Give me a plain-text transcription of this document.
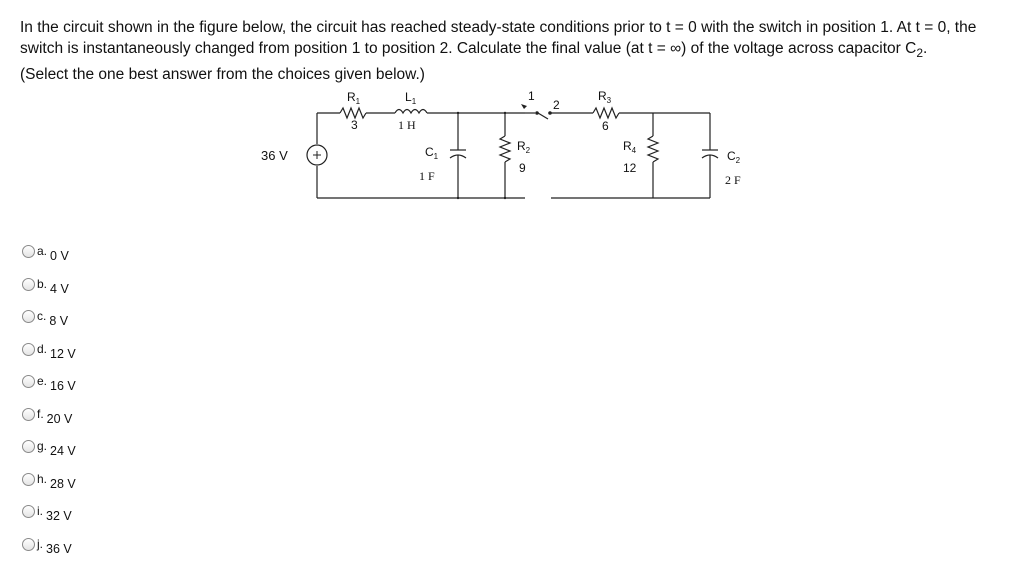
In the circuit shown in the figure below, the circuit has reached steady-state conditions prior to t = 0 with the switch in position 1. At t = 0, the switch is instantaneously changed from position 1 to position 2. Calculate the final value (at t = ∞) of the voltage across capacitor $C_2$.
(Select the one best answer from the choices given below.)

36 V
$R_1$
3
$L_1$
1 H
$C_1$
1 F
$R_2$
9
1
2
$R_3$
6
$R_4$
12
$C_2$
2 F
a. 0 V
b. 4 V
c. 8 V
d. 12 V
e. 16 V
f. 20 V
g. 24 V
h. 28 V
i. 32 V
j. 36 V
